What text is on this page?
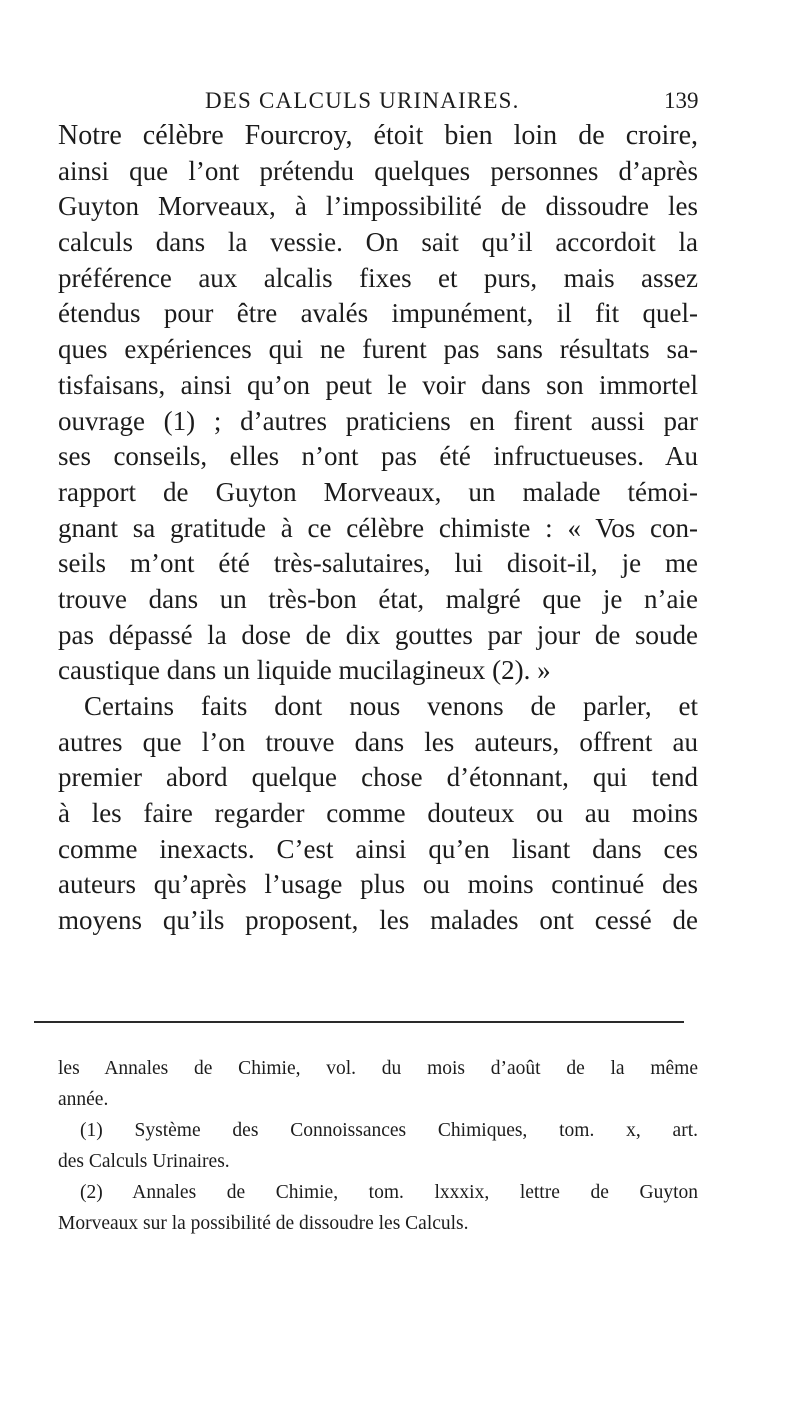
DES CALCULS URINAIRES.	139
Notre célèbre Fourcroy, étoit bien loin de croire,
ainsi que l’ont prétendu quelques personnes d’après
Guyton Morveaux, à l’impossibilité de dissoudre les
calculs dans la vessie. On sait qu’il accordoit la
préférence aux alcalis fixes et purs, mais assez
étendus pour être avalés impunément, il fit quel-
ques expériences qui ne furent pas sans résultats sa-
tisfaisans, ainsi qu’on peut le voir dans son immortel
ouvrage (1) ; d’autres praticiens en firent aussi par
ses conseils, elles n’ont pas été infructueuses. Au
rapport de Guyton Morveaux, un malade témoi-
gnant sa gratitude à ce célèbre chimiste : « Vos con-
seils m’ont été très-salutaires, lui disoit-il, je me
trouve dans un très-bon état, malgré que je n’aie
pas dépassé la dose de dix gouttes par jour de soude
caustique dans un liquide mucilagineux (2). »
Certains faits dont nous venons de parler, et
autres que l’on trouve dans les auteurs, offrent au
premier abord quelque chose d’étonnant, qui tend
à les faire regarder comme douteux ou au moins
comme inexacts. C’est ainsi qu’en lisant dans ces
auteurs qu’après l’usage plus ou moins continué des
moyens qu’ils proposent, les malades ont cessé de
les Annales de Chimie, vol. du mois d’août de la même
année.
(1) Système des Connoissances Chimiques, tom. x, art.
des Calculs Urinaires.
(2) Annales de Chimie, tom. lxxxix, lettre de Guyton
Morveaux sur la possibilité de dissoudre les Calculs.
